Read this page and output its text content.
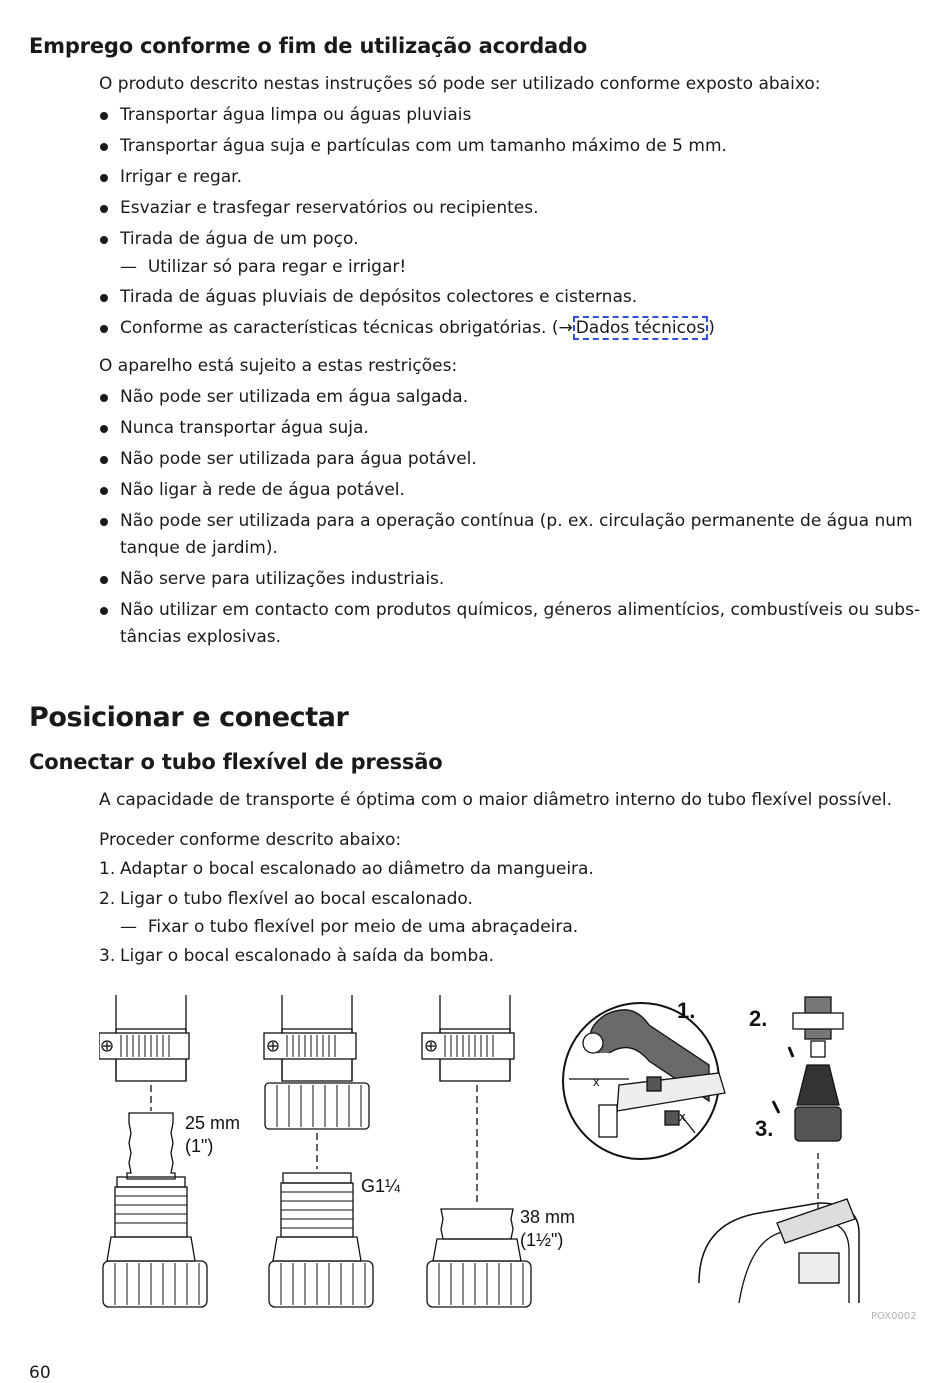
Emprego conforme o fim de utilização acordado

O produto descrito nestas instruções só pode ser utilizado conforme exposto abaixo:

Transportar água limpa ou águas pluviais
Transportar água suja e partículas com um tamanho máximo de 5 mm.
Irrigar e regar.
Esvaziar e trasfegar reservatórios ou recipientes.
Tirada de água de um poço.
— Utilizar só para regar e irrigar!
Tirada de águas pluviais de depósitos colectores e cisternas.
Conforme as características técnicas obrigatórias. (→ Dados técnicos )

O aparelho está sujeito a estas restrições:

Não pode ser utilizada em água salgada.
Nunca transportar água suja.
Não pode ser utilizada para água potável.
Não ligar à rede de água potável.
Não pode ser utilizada para a operação contínua (p. ex. circulação permanente de água num tanque de jardim).
Não serve para utilizações industriais.
Não utilizar em contacto com produtos químicos, géneros alimentícios, combustíveis ou subs-tâncias explosivas.
Posicionar e conectar
Conectar o tubo flexível de pressão

A capacidade de transporte é óptima com o maior diâmetro interno do tubo flexível possível.

Proceder conforme descrito abaixo:

1. Adaptar o bocal escalonado ao diâmetro da mangueira.
2. Ligar o tubo flexível ao bocal escalonado.
— Fixar o tubo flexível por meio de uma abraçadeira.
3. Ligar o bocal escalonado à saída da bomba.
25 mm
(1")
G1¼
38 mm
(1½")
x
x
1. 2.
3.
POX0002
60
